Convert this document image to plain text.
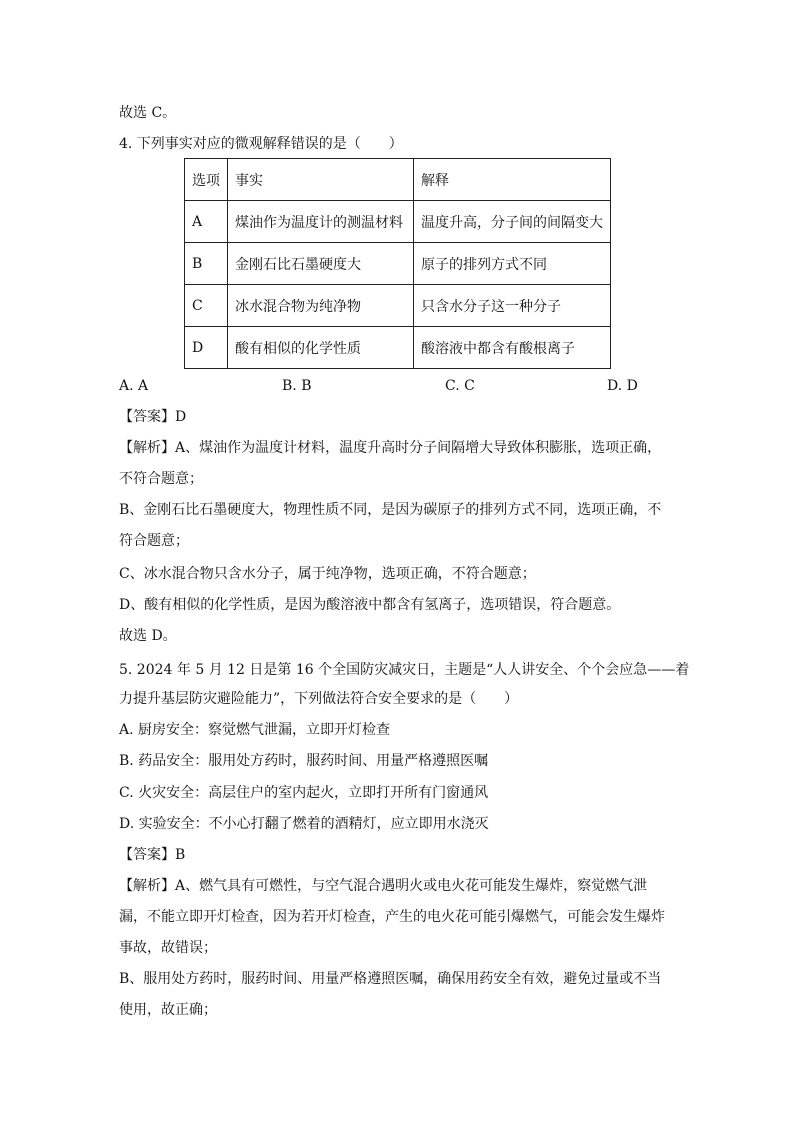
故选 C。
4. 下列事实对应的微观解释错误的是（　　）
选项	事实	解释
A	煤油作为温度计的测温材料	温度升高，分子间的间隔变大
B	金刚石比石墨硬度大	原子的排列方式不同
C	冰水混合物为纯净物	只含水分子这一种分子
D	酸有相似的化学性质	酸溶液中都含有酸根离子
A. A	B. B	C. C	D. D
【答案】D
【解析】A、煤油作为温度计材料，温度升高时分子间隔增大导致体积膨胀，选项正确，
不符合题意；
B、金刚石比石墨硬度大，物理性质不同，是因为碳原子的排列方式不同，选项正确，不
符合题意；
C、冰水混合物只含水分子，属于纯净物，选项正确，不符合题意；
D、酸有相似的化学性质，是因为酸溶液中都含有氢离子，选项错误，符合题意。
故选 D。
5. 2024 年 5 月 12 日是第 16 个全国防灾减灾日，主题是“人人讲安全、个个会应急——着
力提升基层防灾避险能力”，下列做法符合安全要求的是（　　）
A. 厨房安全：察觉燃气泄漏，立即开灯检查
B. 药品安全：服用处方药时，服药时间、用量严格遵照医嘱
C. 火灾安全：高层住户的室内起火，立即打开所有门窗通风
D. 实验安全：不小心打翻了燃着的酒精灯，应立即用水浇灭
【答案】B
【解析】A、燃气具有可燃性，与空气混合遇明火或电火花可能发生爆炸，察觉燃气泄
漏，不能立即开灯检查，因为若开灯检查，产生的电火花可能引爆燃气，可能会发生爆炸
事故，故错误；
B、服用处方药时，服药时间、用量严格遵照医嘱，确保用药安全有效，避免过量或不当
使用，故正确；
